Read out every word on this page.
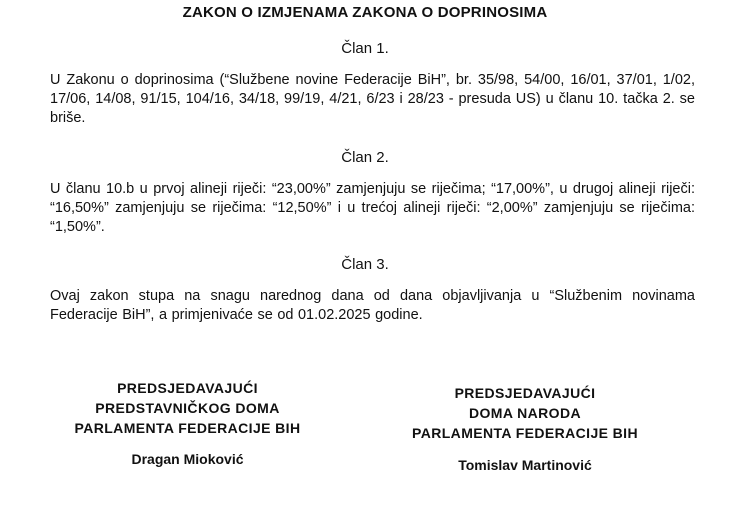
ZAKON O IZMJENAMA ZAKONA O DOPRINOSIMA
Član 1.
U Zakonu o doprinosima (“Službene novine Federacije BiH”, br. 35/98, 54/00, 16/01, 37/01, 1/02, 17/06, 14/08, 91/15, 104/16, 34/18, 99/19, 4/21, 6/23 i 28/23 - presuda US) u članu 10. tačka 2. se briše.
Član 2.
U članu 10.b u prvoj alineji riječi: “23,00%” zamjenjuju se riječima; “17,00%”, u drugoj alineji riječi: “16,50%” zamjenjuju se riječima: “12,50%” i u trećoj alineji riječi: “2,00%” zamjenjuju se riječima: “1,50%”.
Član 3.
Ovaj zakon stupa na snagu narednog dana od dana objavljivanja u “Službenim novinama Federacije BiH”, a primjenivaće se od 01.02.2025 godine.
PREDSJEDAVAJUĆI
PREDSTAVNIČKOG DOMA
PARLAMENTA FEDERACIJE BIH
Dragan Mioković
PREDSJEDAVAJUĆI
DOMA NARODA
PARLAMENTA FEDERACIJE BIH
Tomislav Martinović
